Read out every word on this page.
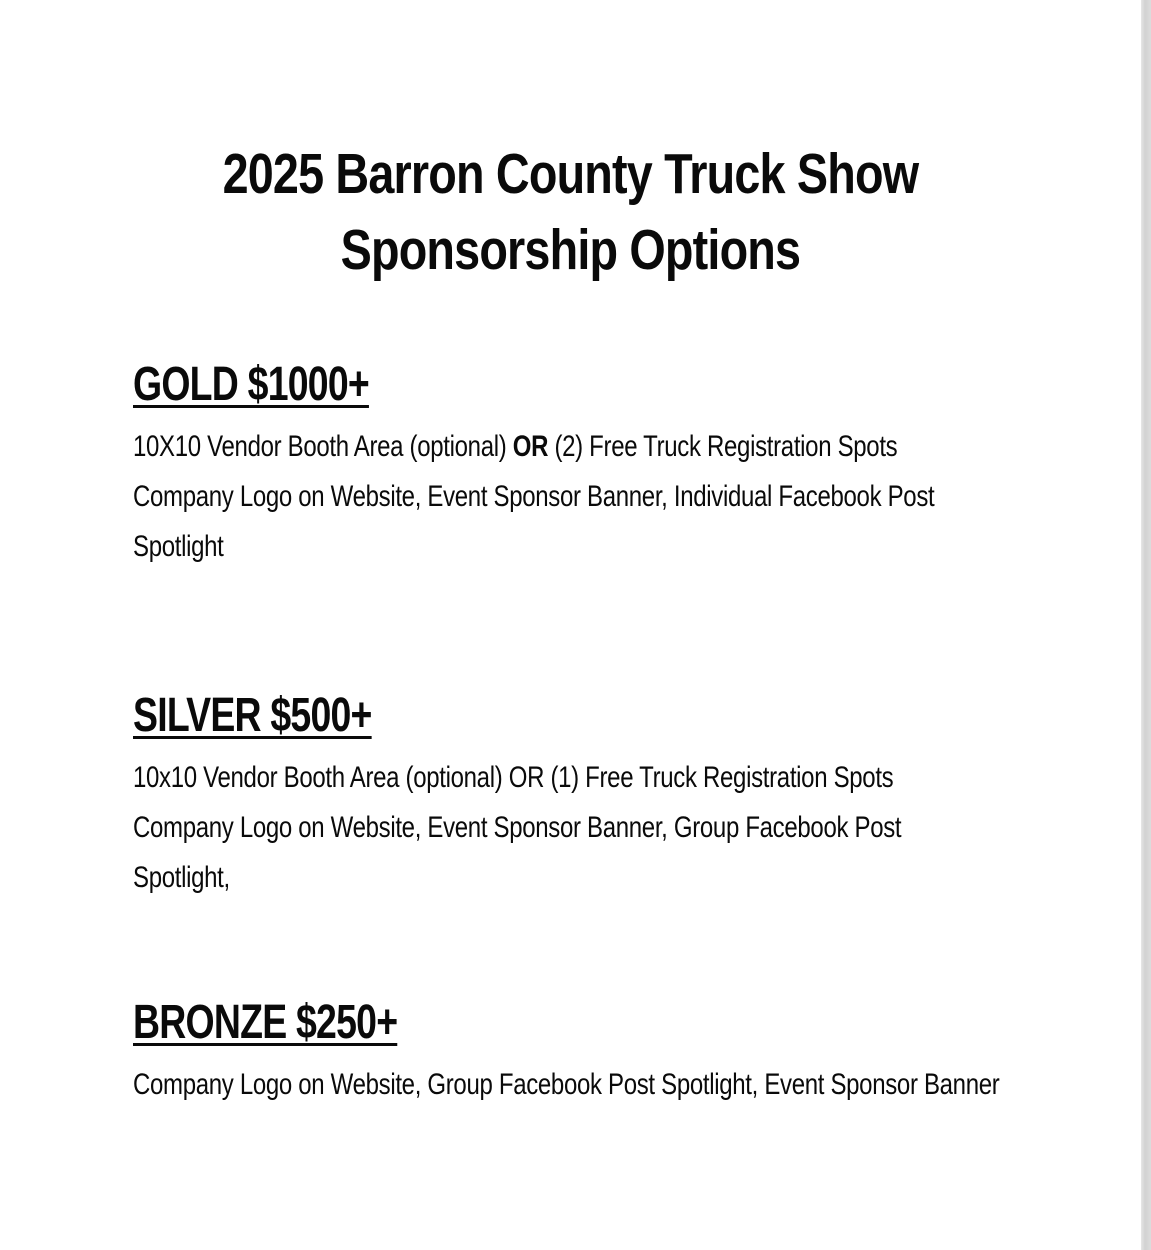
2025 Barron County Truck Show
Sponsorship Options
GOLD $1000+
10X10 Vendor Booth Area (optional) OR (2) Free Truck Registration Spots
Company Logo on Website, Event Sponsor Banner, Individual Facebook Post
Spotlight
SILVER $500+
10x10 Vendor Booth Area (optional) OR (1) Free Truck Registration Spots
Company Logo on Website, Event Sponsor Banner, Group Facebook Post
Spotlight,
BRONZE $250+
Company Logo on Website, Group Facebook Post Spotlight, Event Sponsor Banner
